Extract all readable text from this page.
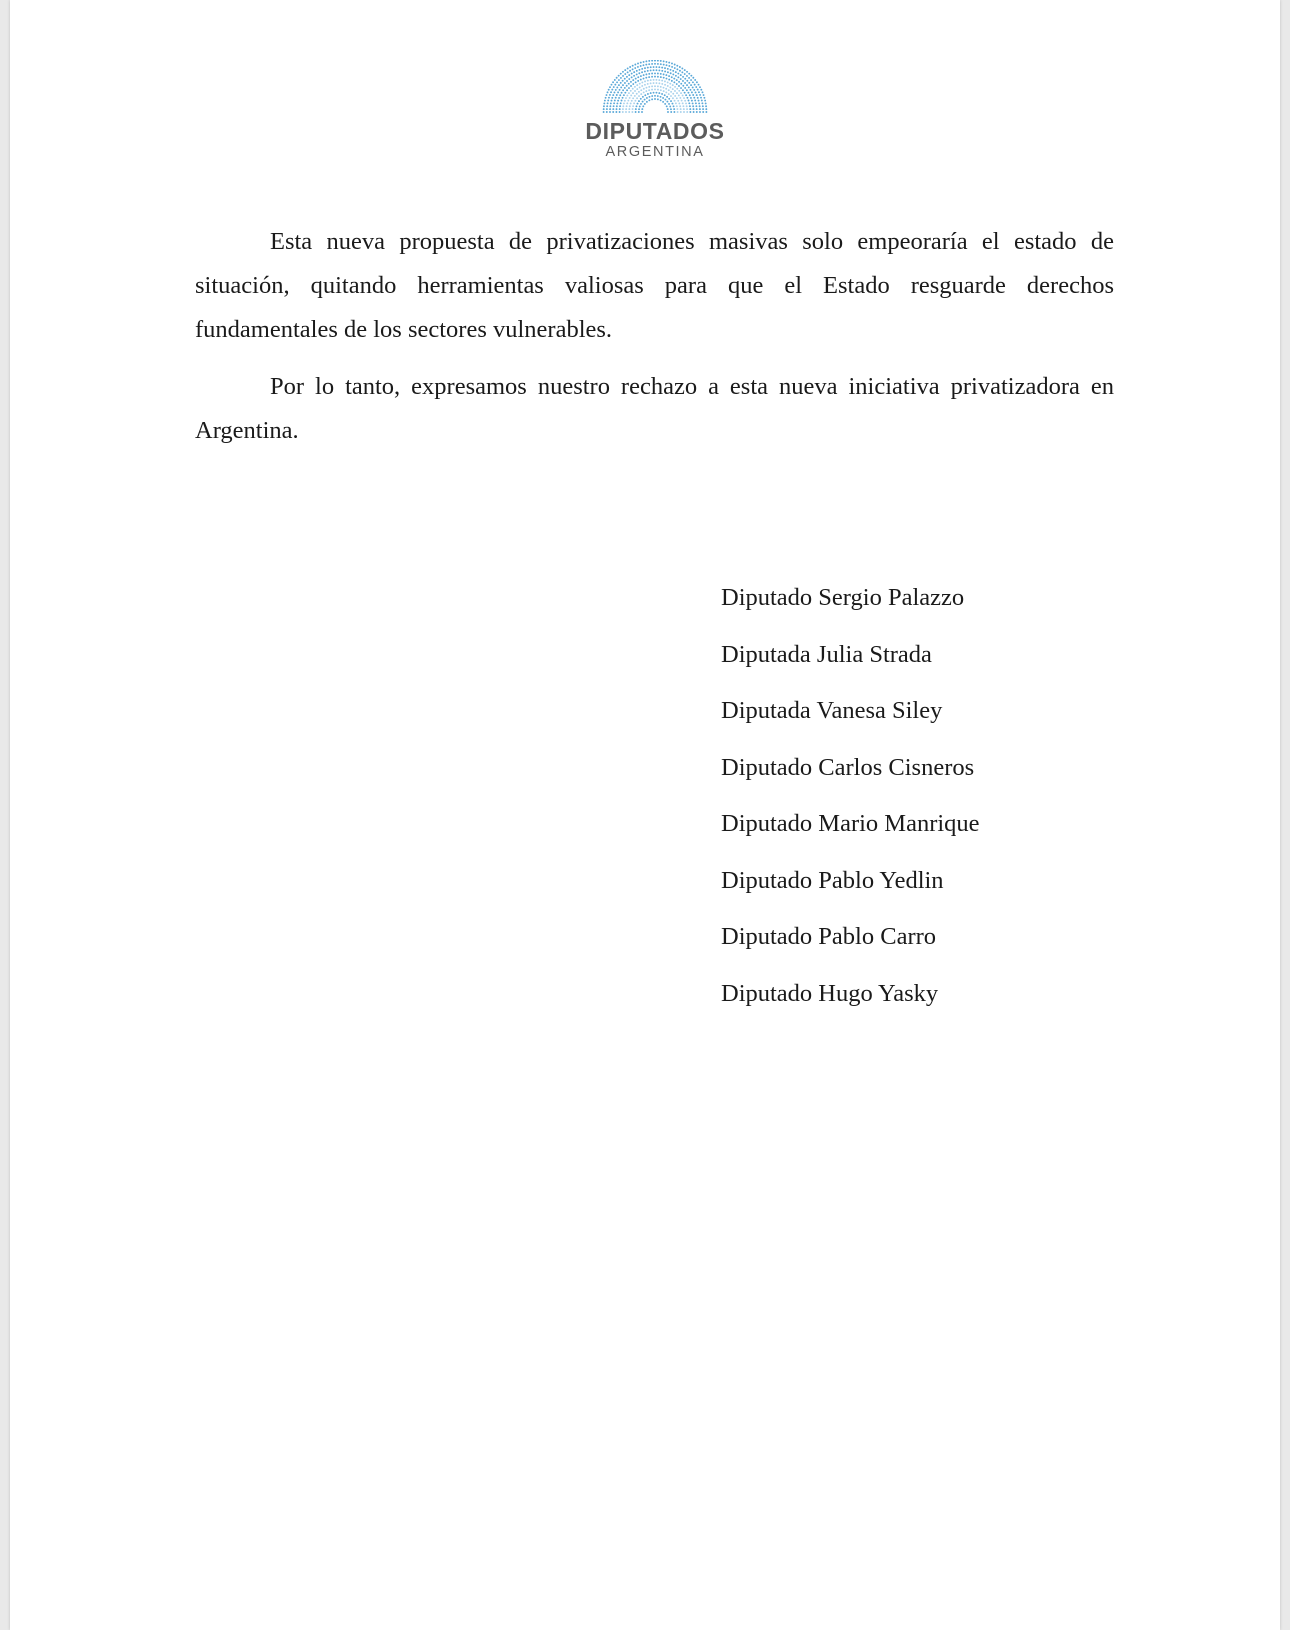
DIPUTADOS
ARGENTINA

Esta nueva propuesta de privatizaciones masivas solo empeoraría el estado de situación, quitando herramientas valiosas para que el Estado resguarde derechos fundamentales de los sectores vulnerables.

Por lo tanto, expresamos nuestro rechazo a esta nueva iniciativa privatizadora en Argentina.

Diputado Sergio Palazzo
Diputada Julia Strada
Diputada Vanesa Siley
Diputado Carlos Cisneros
Diputado Mario Manrique
Diputado Pablo Yedlin
Diputado Pablo Carro
Diputado Hugo Yasky
